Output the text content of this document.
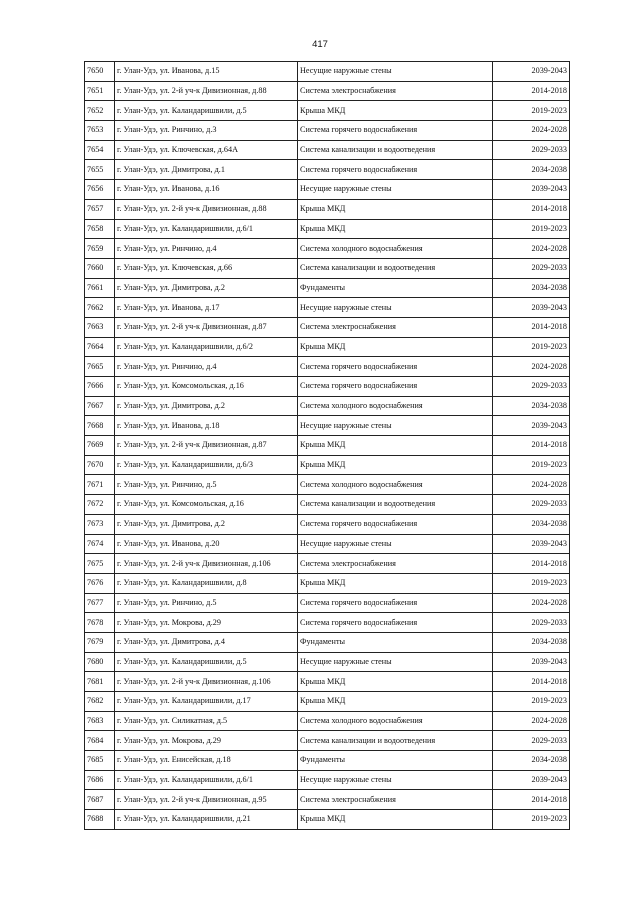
417
7650	г. Улан-Удэ, ул. Иванова, д.15	Несущие наружные стены	2039-2043
7651	г. Улан-Удэ, ул. 2-й уч-к Дивизионная, д.88	Система электроснабжения	2014-2018
7652	г. Улан-Удэ, ул. Каландаришвили, д.5	Крыша МКД	2019-2023
7653	г. Улан-Удэ, ул. Ринчино, д.3	Система горячего водоснабжения	2024-2028
7654	г. Улан-Удэ, ул. Ключевская, д.64А	Система канализации и водоотведения	2029-2033
7655	г. Улан-Удэ, ул. Димитрова, д.1	Система горячего водоснабжения	2034-2038
7656	г. Улан-Удэ, ул. Иванова, д.16	Несущие наружные стены	2039-2043
7657	г. Улан-Удэ, ул. 2-й уч-к Дивизионная, д.88	Крыша МКД	2014-2018
7658	г. Улан-Удэ, ул. Каландаришвили, д.6/1	Крыша МКД	2019-2023
7659	г. Улан-Удэ, ул. Ринчино, д.4	Система холодного водоснабжения	2024-2028
7660	г. Улан-Удэ, ул. Ключевская, д.66	Система канализации и водоотведения	2029-2033
7661	г. Улан-Удэ, ул. Димитрова, д.2	Фундаменты	2034-2038
7662	г. Улан-Удэ, ул. Иванова, д.17	Несущие наружные стены	2039-2043
7663	г. Улан-Удэ, ул. 2-й уч-к Дивизионная, д.87	Система электроснабжения	2014-2018
7664	г. Улан-Удэ, ул. Каландаришвили, д.6/2	Крыша МКД	2019-2023
7665	г. Улан-Удэ, ул. Ринчино, д.4	Система горячего водоснабжения	2024-2028
7666	г. Улан-Удэ, ул. Комсомольская, д.16	Система горячего водоснабжения	2029-2033
7667	г. Улан-Удэ, ул. Димитрова, д.2	Система холодного водоснабжения	2034-2038
7668	г. Улан-Удэ, ул. Иванова, д.18	Несущие наружные стены	2039-2043
7669	г. Улан-Удэ, ул. 2-й уч-к Дивизионная, д.87	Крыша МКД	2014-2018
7670	г. Улан-Удэ, ул. Каландаришвили, д.6/3	Крыша МКД	2019-2023
7671	г. Улан-Удэ, ул. Ринчино, д.5	Система холодного водоснабжения	2024-2028
7672	г. Улан-Удэ, ул. Комсомольская, д.16	Система канализации и водоотведения	2029-2033
7673	г. Улан-Удэ, ул. Димитрова, д.2	Система горячего водоснабжения	2034-2038
7674	г. Улан-Удэ, ул. Иванова, д.20	Несущие наружные стены	2039-2043
7675	г. Улан-Удэ, ул. 2-й уч-к Дивизионная, д.106	Система электроснабжения	2014-2018
7676	г. Улан-Удэ, ул. Каландаришвили, д.8	Крыша МКД	2019-2023
7677	г. Улан-Удэ, ул. Ринчино, д.5	Система горячего водоснабжения	2024-2028
7678	г. Улан-Удэ, ул. Мокрова, д.29	Система горячего водоснабжения	2029-2033
7679	г. Улан-Удэ, ул. Димитрова, д.4	Фундаменты	2034-2038
7680	г. Улан-Удэ, ул. Каландаришвили, д.5	Несущие наружные стены	2039-2043
7681	г. Улан-Удэ, ул. 2-й уч-к Дивизионная, д.106	Крыша МКД	2014-2018
7682	г. Улан-Удэ, ул. Каландаришвили, д.17	Крыша МКД	2019-2023
7683	г. Улан-Удэ, ул. Силикатная, д.5	Система холодного водоснабжения	2024-2028
7684	г. Улан-Удэ, ул. Мокрова, д.29	Система канализации и водоотведения	2029-2033
7685	г. Улан-Удэ, ул. Енисейская, д.18	Фундаменты	2034-2038
7686	г. Улан-Удэ, ул. Каландаришвили, д.6/1	Несущие наружные стены	2039-2043
7687	г. Улан-Удэ, ул. 2-й уч-к Дивизионная, д.95	Система электроснабжения	2014-2018
7688	г. Улан-Удэ, ул. Каландаришвили, д.21	Крыша МКД	2019-2023
